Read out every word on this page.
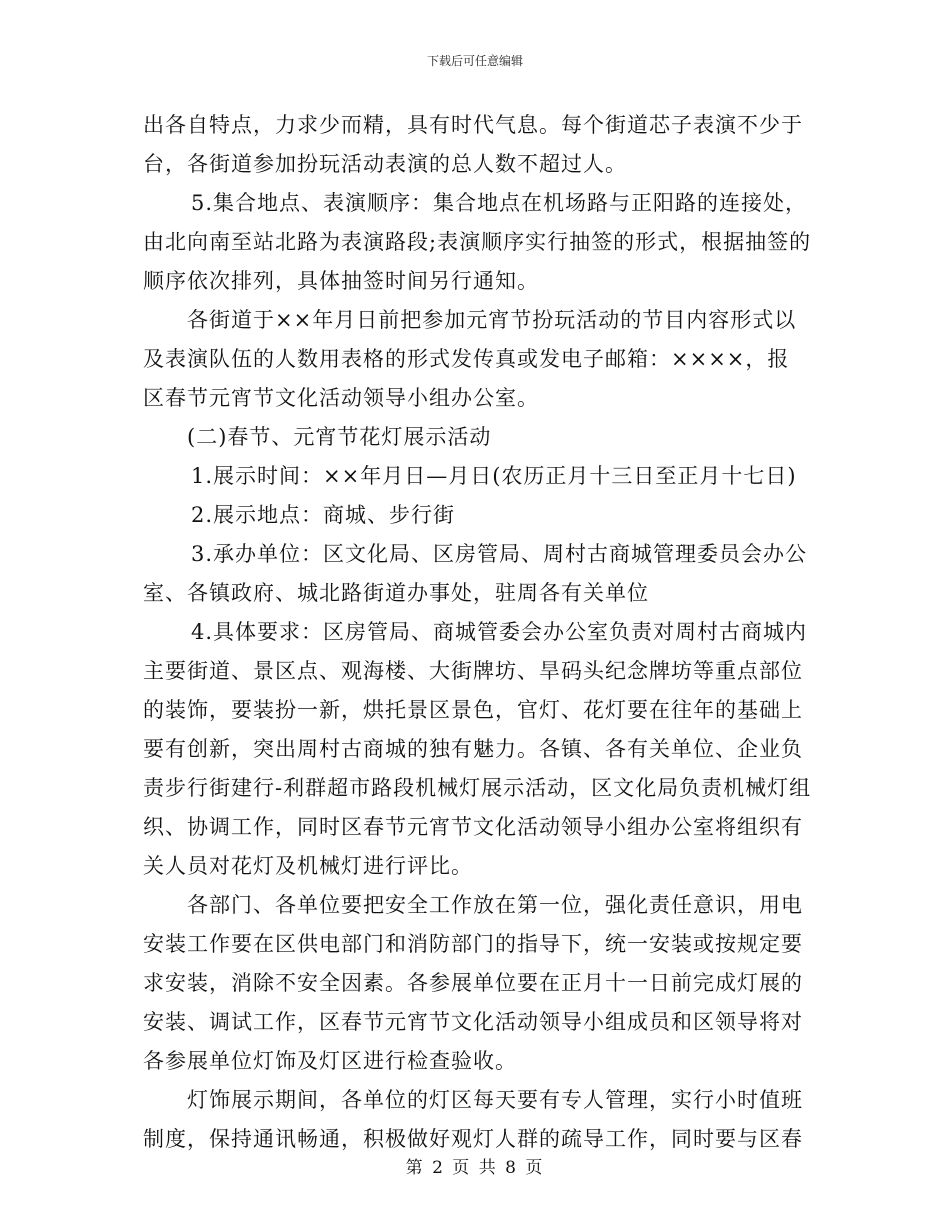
下载后可任意编辑

出各自特点，力求少而精，具有时代气息。每个街道芯子表演不少于
台，各街道参加扮玩活动表演的总人数不超过人。

5.集合地点、表演顺序：集合地点在机场路与正阳路的连接处，
由北向南至站北路为表演路段;表演顺序实行抽签的形式，根据抽签的
顺序依次排列，具体抽签时间另行通知。

各街道于××年月日前把参加元宵节扮玩活动的节目内容形式以
及表演队伍的人数用表格的形式发传真或发电子邮箱：××××，报
区春节元宵节文化活动领导小组办公室。

(二)春节、元宵节花灯展示活动

1.展示时间：××年月日—月日(农历正月十三日至正月十七日)

2.展示地点：商城、步行街

3.承办单位：区文化局、区房管局、周村古商城管理委员会办公
室、各镇政府、城北路街道办事处，驻周各有关单位

4.具体要求：区房管局、商城管委会办公室负责对周村古商城内
主要街道、景区点、观海楼、大街牌坊、旱码头纪念牌坊等重点部位
的装饰，要装扮一新，烘托景区景色，官灯、花灯要在往年的基础上
要有创新，突出周村古商城的独有魅力。各镇、各有关单位、企业负
责步行街建行-利群超市路段机械灯展示活动，区文化局负责机械灯组
织、协调工作，同时区春节元宵节文化活动领导小组办公室将组织有
关人员对花灯及机械灯进行评比。

各部门、各单位要把安全工作放在第一位，强化责任意识，用电
安装工作要在区供电部门和消防部门的指导下，统一安装或按规定要
求安装，消除不安全因素。各参展单位要在正月十一日前完成灯展的
安装、调试工作，区春节元宵节文化活动领导小组成员和区领导将对
各参展单位灯饰及灯区进行检查验收。

灯饰展示期间，各单位的灯区每天要有专人管理，实行小时值班
制度，保持通讯畅通，积极做好观灯人群的疏导工作，同时要与区春

第 2 页 共 8 页
